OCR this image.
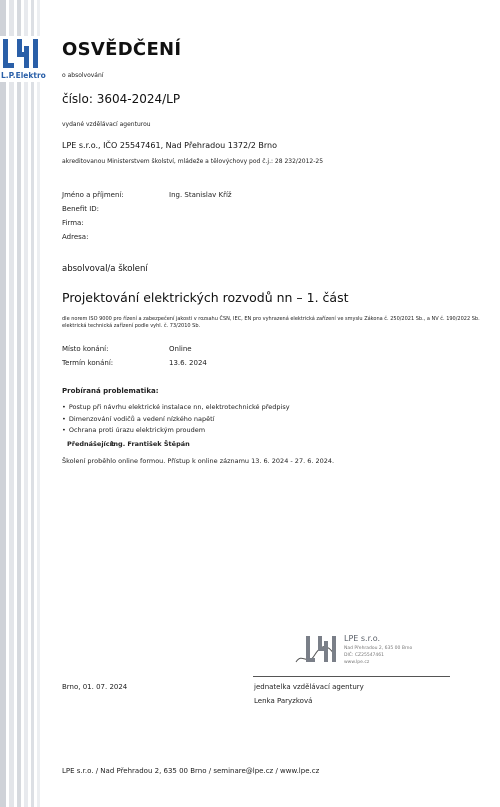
L.P.Elektro
OSVĚDČENÍ

o absolvování

číslo: 3604-2024/LP

vydané vzdělávací agenturou

LPE s.r.o., IČO 25547461, Nad Přehradou 1372/2 Brno

akreditovanou Ministerstvem školství, mládeže a tělovýchovy pod č.j.: 28 232/2012-25

Jméno a příjmení:	Ing. Stanislav Kříž

Benefit ID:

Firma:

Adresa:

absolvoval/a školení

Projektování elektrických rozvodů nn – 1. část

dle norem ISO 9000 pro řízení a zabezpečení jakosti v rozsahu ČSN, IEC, EN pro vyhrazená elektrická zařízení ve smyslu Zákona č. 250/2021 Sb., a NV č. 190/2022 Sb.

elektrická technická zařízení podle vyhl. č. 73/2010 Sb.

Místo konání:	Online

Termín konání:	13.6. 2024

Probíraná problematika:

• Postup při návrhu elektrické instalace nn, elektrotechnické předpisy
• Dimenzování vodičů a vedení nízkého napětí
• Ochrana proti úrazu elektrickým proudem

Přednášející:

Ing. František Štěpán

Školení proběhlo online formou. Přístup k online záznamu 13. 6. 2024 - 27. 6. 2024.

LPE s.r.o.
Nad Přehradou 2, 635 00 Brno
DIČ: CZ25547461
www.lpe.cz

Brno, 01. 07. 2024	jednatelka vzdělávací agentury

Lenka Paryzková

LPE s.r.o. / Nad Přehradou 2, 635 00 Brno / seminare@lpe.cz / www.lpe.cz
